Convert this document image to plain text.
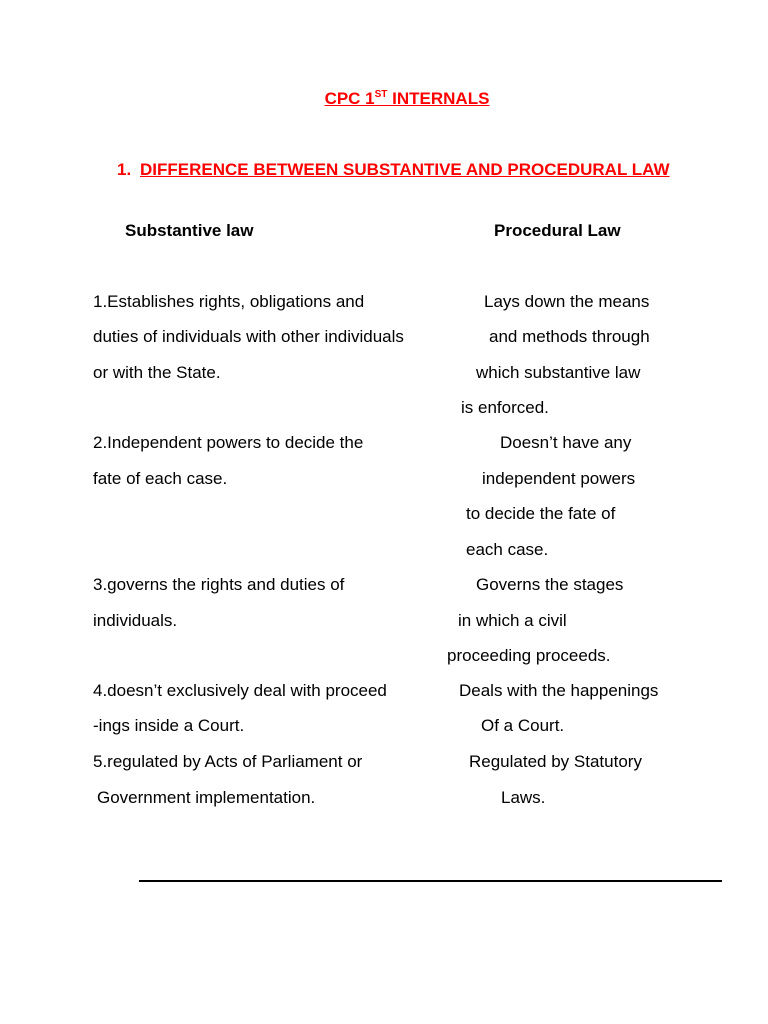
CPC 1ST INTERNALS
1. DIFFERENCE BETWEEN SUBSTANTIVE AND PROCEDURAL LAW
Substantive law	Procedural Law
1.Establishes rights, obligations and
duties of individuals with other individuals
or with the State.
2.Independent powers to decide the
fate of each case.
3.governs the rights and duties of
individuals.
4.doesn’t exclusively deal with proceed
-ings inside a Court.
5.regulated by Acts of Parliament or
Government implementation.
Lays down the means
and methods through
which substantive law
is enforced.
Doesn’t have any
independent powers
to decide the fate of
each case.
Governs the stages
in which a civil
proceeding proceeds.
Deals with the happenings
Of a Court.
Regulated by Statutory
Laws.
